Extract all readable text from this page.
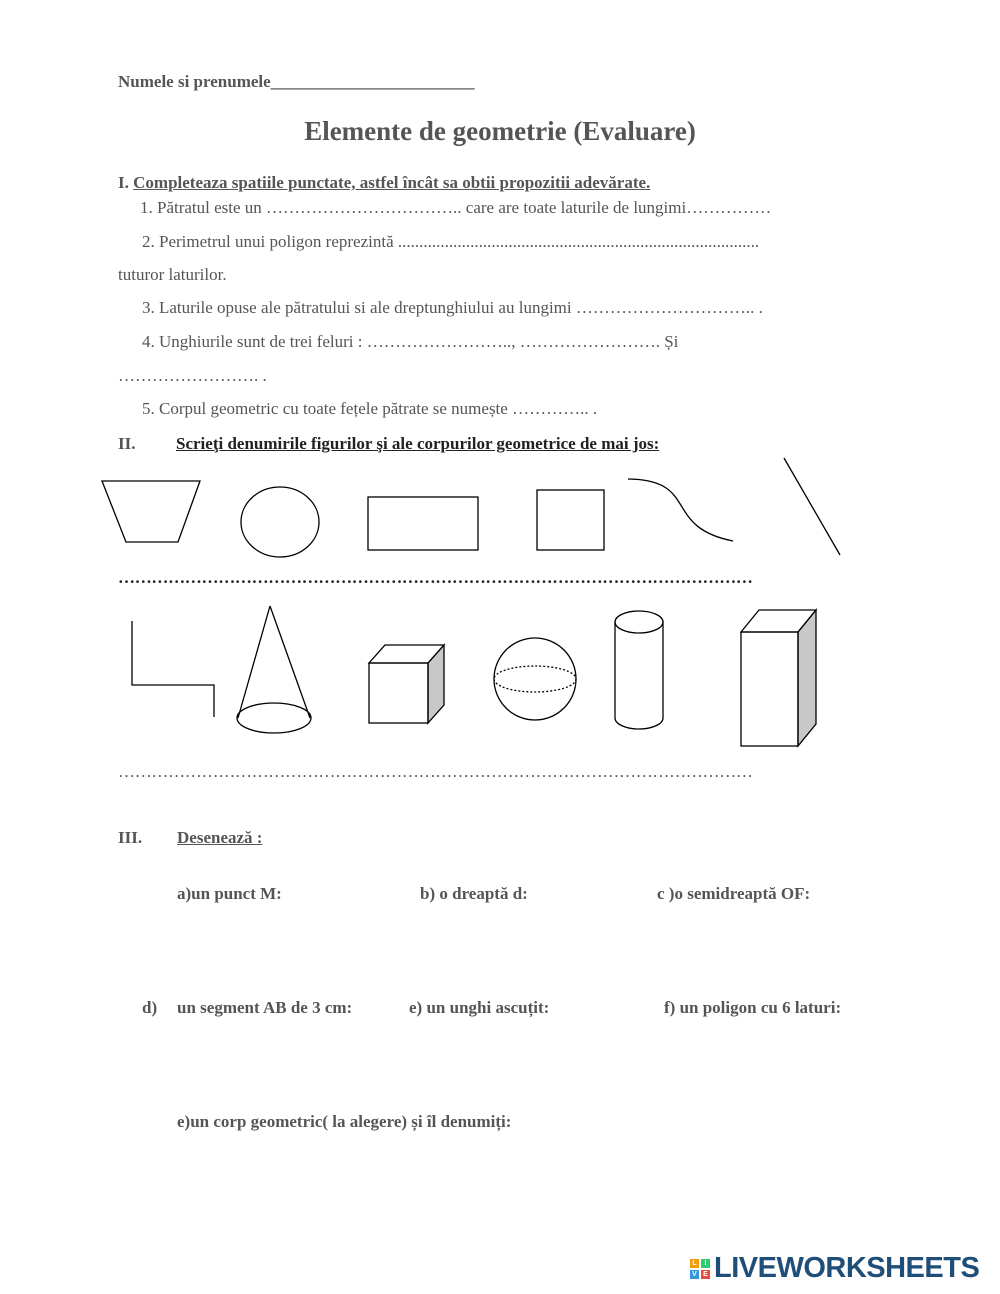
Numele si prenumele________________________
Elemente de geometrie (Evaluare)
I. Completeaza spatiile punctate, astfel încât sa obtii propozitii adevărate.
1. Pătratul este un …………………………….. care are toate laturile de lungimi……………
2. Perimetrul unui poligon reprezintă .....................................................................................
tuturor laturilor.
3. Laturile opuse ale pătratului si ale dreptunghiului au lungimi ………………………….. .
4. Unghiurile sunt de trei feluri : …………………….., ……………………. Și
……………………. .
5. Corpul geometric cu toate fețele pătrate se numește ………….. .
II. Scrieţi denumirile figurilor şi ale corpurilor geometrice de mai jos:
……………………………………………………………………………………………………
……………………………………………………………………………………………………
III. Desenează :
a)un punct M:	b) o dreaptă d:	c )o semidreaptă OF:
d) un segment AB de 3 cm:	e) un unghi ascuțit:	f) un poligon cu 6 laturi:
e)un corp geometric( la alegere) și îl denumiți:
L	I
V E LIVEWORKSHEETS
